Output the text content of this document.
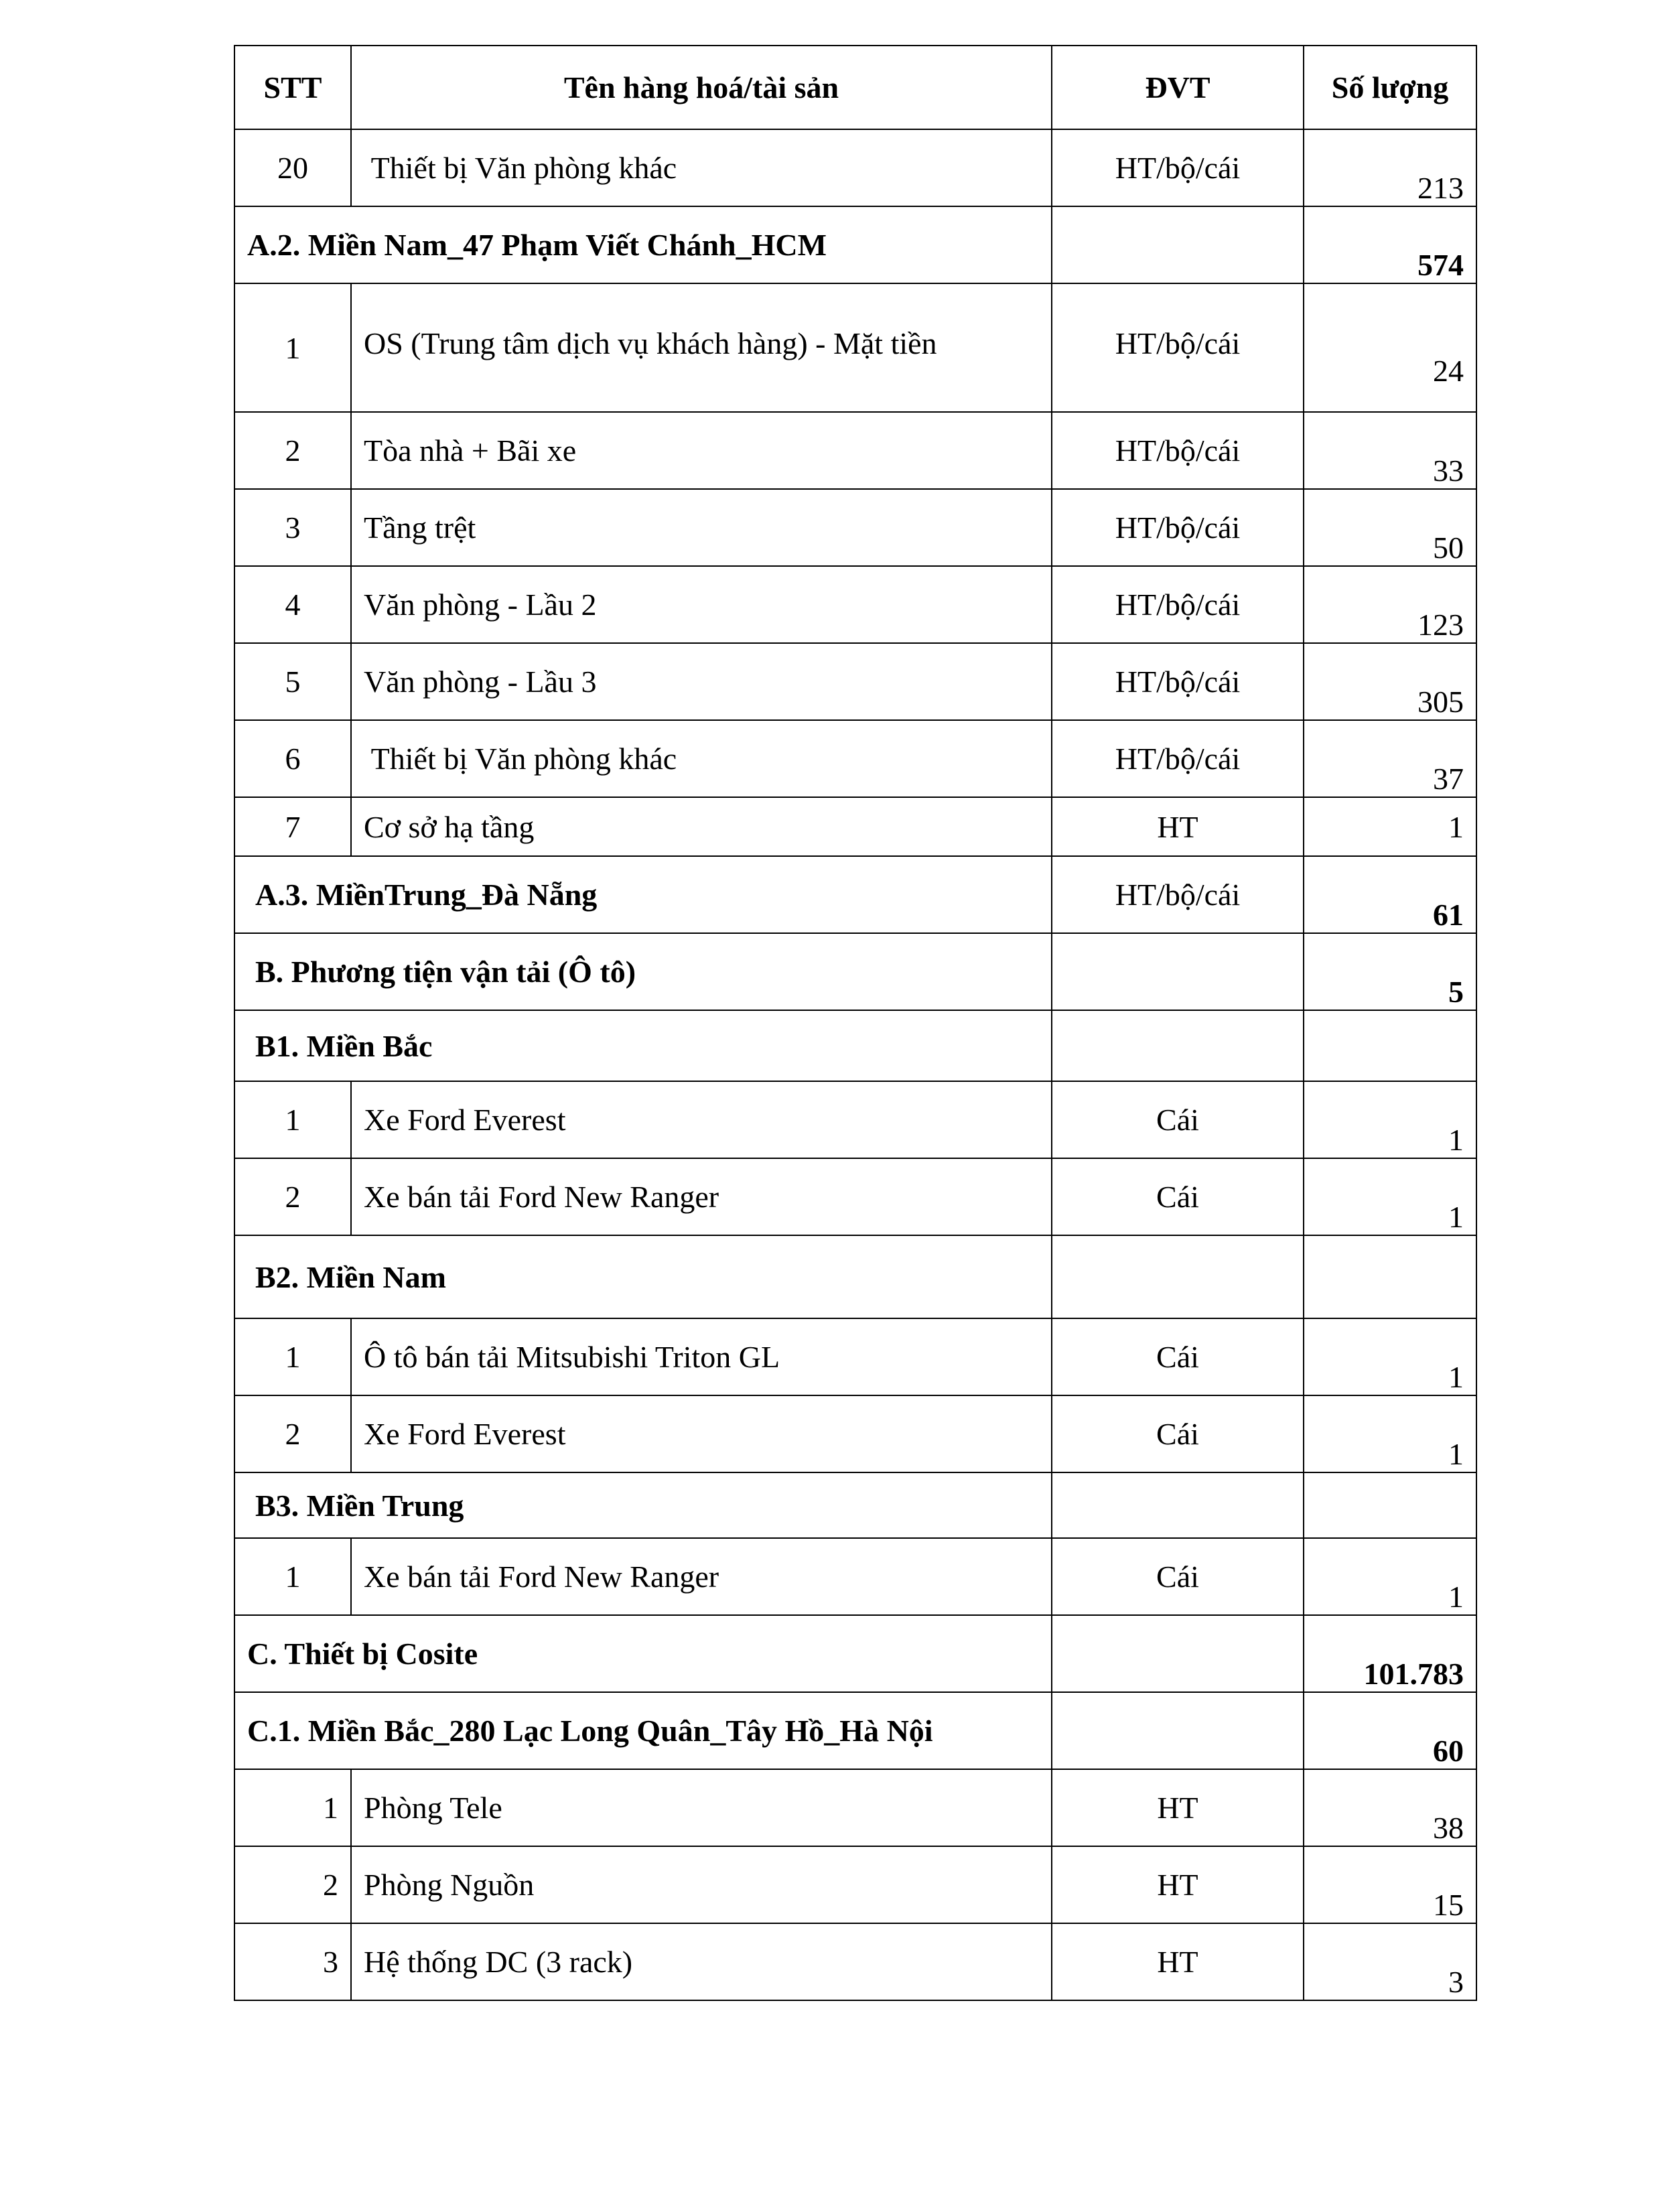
STT	Tên hàng hoá/tài sản	ĐVT	Số lượng
20	Thiết bị Văn phòng khác	HT/bộ/cái	213
A.2. Miền Nam_47 Phạm Viết Chánh_HCM			574
1	OS (Trung tâm dịch vụ khách hàng) - Mặt tiền	HT/bộ/cái	24
2	Tòa nhà + Bãi xe	HT/bộ/cái	33
3	Tầng trệt	HT/bộ/cái	50
4	Văn phòng - Lầu 2	HT/bộ/cái	123
5	Văn phòng - Lầu 3	HT/bộ/cái	305
6	Thiết bị Văn phòng khác	HT/bộ/cái	37
7	Cơ sở hạ tầng	HT	1
A.3. MiềnTrung_Đà Nẵng		HT/bộ/cái	61
B. Phương tiện vận tải (Ô tô)			5
B1. Miền Bắc			
1	Xe Ford Everest	Cái	1
2	Xe bán tải Ford New Ranger	Cái	1
B2. Miền Nam			
1	Ô tô bán tải Mitsubishi Triton GL	Cái	1
2	Xe Ford Everest	Cái	1
B3. Miền Trung			
1	Xe bán tải Ford New Ranger	Cái	1
C. Thiết bị Cosite			101.783
C.1. Miền Bắc_280 Lạc Long Quân_Tây Hồ_Hà Nội			60
1	Phòng Tele	HT	38
2	Phòng Nguồn	HT	15
3	Hệ thống DC (3 rack)	HT	3
